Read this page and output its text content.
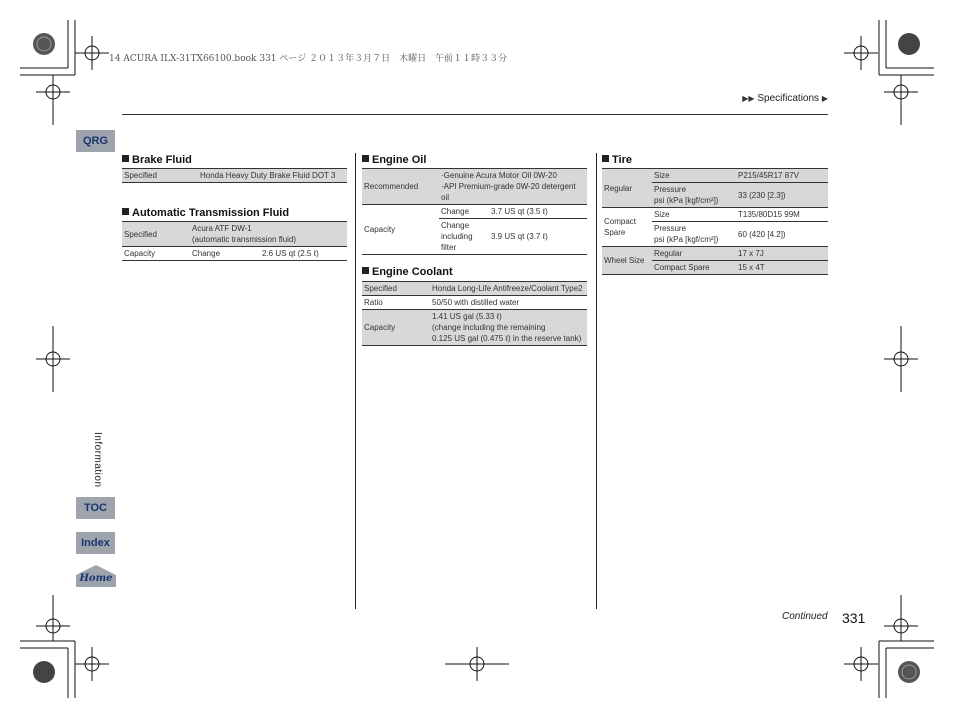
14 ACURA ILX-31TX66100.book 331 ページ ２０１３年３月７日　木曜日　午前１１時３３分
▶▶ Specifications ▶
QRG
Information
TOC
Index
Home
Brake Fluid
Specified	Honda Heavy Duty Brake Fluid DOT 3
Automatic Transmission Fluid
Specified	Acura ATF DW-1
(automatic transmission fluid)	

Capacity	Change	2.6 US qt (2.5 ℓ)
Engine Oil
Recommended	·Genuine Acura Motor Oil 0W-20
·API Premium-grade 0W-20 detergent oil	

Capacity	Change	3.7 US qt (3.5 ℓ)

	Change
including
filter	3.9 US qt (3.7 ℓ)
Engine Coolant
Specified	Honda Long-Life Antifreeze/Coolant Type2
Ratio	50/50 with distilled water
Capacity	1.41 US gal (5.33 ℓ)
(change including the remaining
0.125 US gal (0.475 ℓ) in the reserve tank)
Tire
Regular	Size	P215/45R17 87V

	Pressure
psi (kPa [kgf/cm²])	33 (230 [2.3])

Compact
Spare	Size	T135/80D15 99M

	Pressure
psi (kPa [kgf/cm²])	60 (420 [4.2])
Wheel Size	Regular	17 x 7J
	Compact Spare	15 x 4T
Continued 331
